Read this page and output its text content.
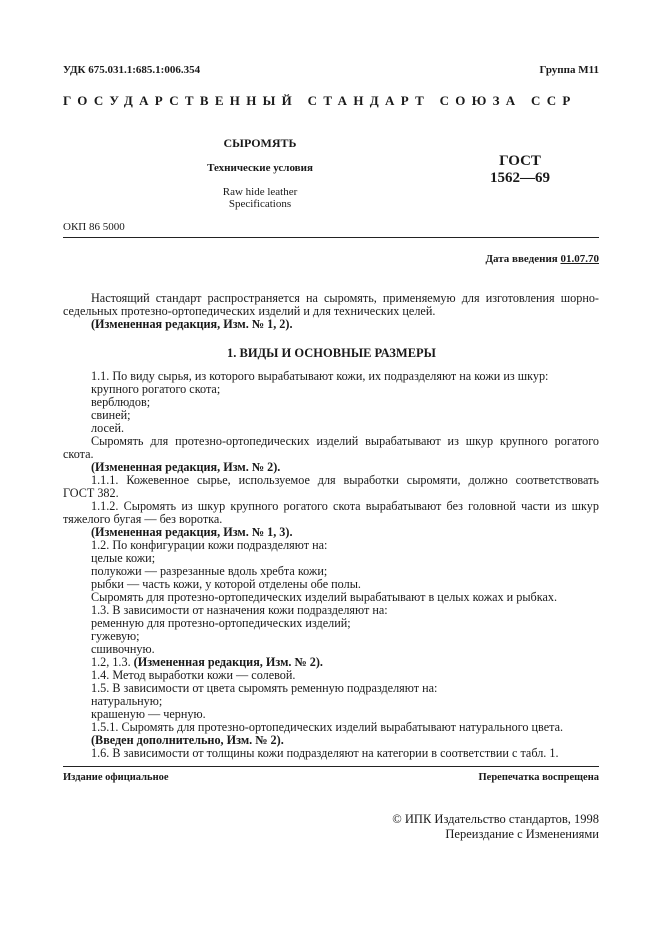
УДК 675.031.1:685.1:006.354	Группа М11
ГОСУДАРСТВЕННЫЙ СТАНДАРТ СОЮЗА ССР
СЫРОМЯТЬ
Технические условия
Raw hide leather
Specifications
ГОСТ
1562—69
ОКП 86 5000
Дата введения 01.07.70
Настоящий стандарт распространяется на сыромять, применяемую для изготовления шорно-
седельных протезно-ортопедических изделий и для технических целей.
(Измененная редакция, Изм. № 1, 2).
1. ВИДЫ И ОСНОВНЫЕ РАЗМЕРЫ
1.1. По виду сырья, из которого вырабатывают кожи, их подразделяют на кожи из шкур:
крупного рогатого скота;
верблюдов;
свиней;
лосей.
Сыромять для протезно-ортопедических изделий вырабатывают из шкур крупного рогатого
скота.
(Измененная редакция, Изм. № 2).
1.1.1. Кожевенное сырье, используемое для выработки сыромяти, должно соответствовать
ГОСТ 382.
1.1.2. Сыромять из шкур крупного рогатого скота вырабатывают без головной части из шкур
тяжелого бугая — без воротка.
(Измененная редакция, Изм. № 1, 3).
1.2. По конфигурации кожи подразделяют на:
целые кожи;
полукожи — разрезанные вдоль хребта кожи;
рыбки — часть кожи, у которой отделены обе полы.
Сыромять для протезно-ортопедических изделий вырабатывают в целых кожах и рыбках.
1.3. В зависимости от назначения кожи подразделяют на:
ременную для протезно-ортопедических изделий;
гужевую;
сшивочную.
1.2, 1.3. (Измененная редакция, Изм. № 2).
1.4. Метод выработки кожи — солевой.
1.5. В зависимости от цвета сыромять ременную подразделяют на:
натуральную;
крашеную — черную.
1.5.1. Сыромять для протезно-ортопедических изделий вырабатывают натурального цвета.
(Введен дополнительно, Изм. № 2).
1.6. В зависимости от толщины кожи подразделяют на категории в соответствии с табл. 1.
Издание официальное	Перепечатка воспрещена
© ИПК Издательство стандартов, 1998
Переиздание с Изменениями
